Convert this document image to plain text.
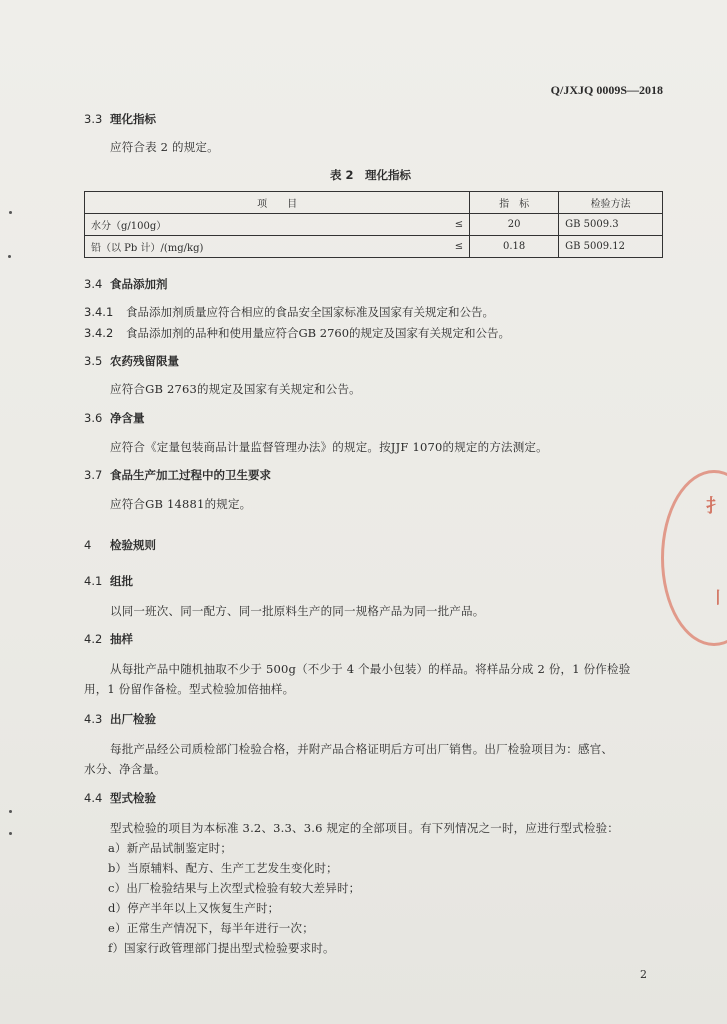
Q/JXJQ 0009S—2018
3.3 理化指标
应符合表 2 的规定。
表 2　理化指标
项　　目		指　标	检验方法
水分（g/100g）	≤	20	GB 5009.3
铅（以 Pb 计）/(mg/kg)	≤	0.18	GB 5009.12
3.4 食品添加剂
3.4.1 食品添加剂质量应符合相应的食品安全国家标准及国家有关规定和公告。
3.4.2 食品添加剂的品种和使用量应符合GB 2760的规定及国家有关规定和公告。
3.5 农药残留限量
应符合GB 2763的规定及国家有关规定和公告。
3.6 净含量
应符合《定量包装商品计量监督管理办法》的规定。按JJF 1070的规定的方法测定。
3.7 食品生产加工过程中的卫生要求
应符合GB 14881的规定。
4 检验规则
4.1 组批
以同一班次、同一配方、同一批原料生产的同一规格产品为同一批产品。
4.2 抽样
从每批产品中随机抽取不少于 500g（不少于 4 个最小包装）的样品。将样品分成 2 份，1 份作检验
用，1 份留作备检。型式检验加倍抽样。
4.3 出厂检验
每批产品经公司质检部门检验合格，并附产品合格证明后方可出厂销售。出厂检验项目为：感官、
水分、净含量。
4.4 型式检验
型式检验的项目为本标准 3.2、3.3、3.6 规定的全部项目。有下列情况之一时，应进行型式检验：
a）新产品试制鉴定时；
b）当原辅料、配方、生产工艺发生变化时；
c）出厂检验结果与上次型式检验有较大差异时；
d）停产半年以上又恢复生产时；
e）正常生产情况下，每半年进行一次；
f）国家行政管理部门提出型式检验要求时。
2
⺘
⼁
